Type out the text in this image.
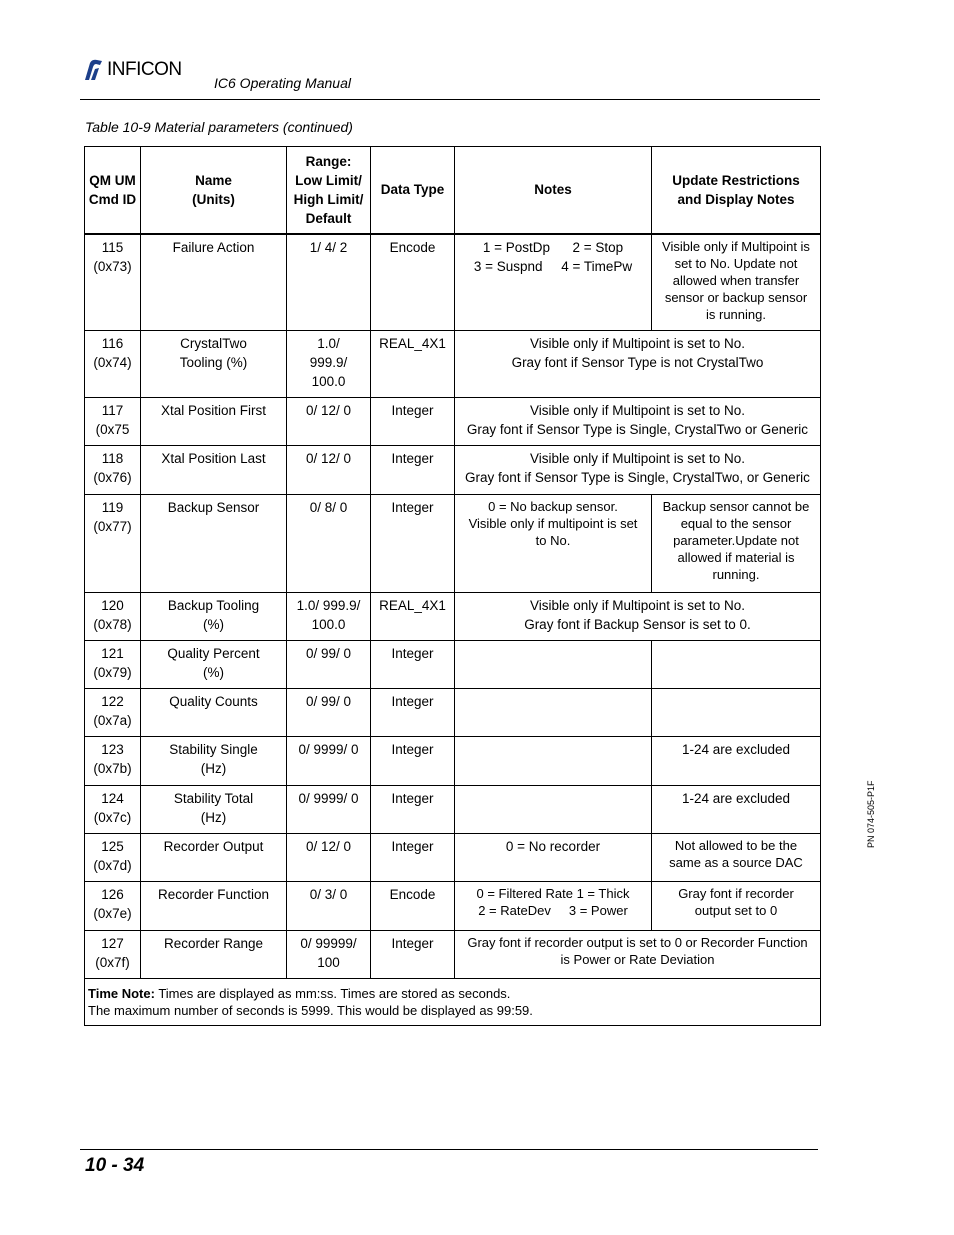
INFICON
IC6 Operating Manual
Table 10-9 Material parameters (continued)
QM UM
Cmd ID	Name
(Units)	Range:
Low Limit/
High Limit/
Default	Data Type	Notes	Update Restrictions
and Display Notes
115
(0x73)	Failure Action	1/ 4/ 2	Encode	1 = PostDp      2 = Stop
3 = Suspnd     4 = TimePw	Visible only if Multipoint is
set to No. Update not
allowed when transfer
sensor or backup sensor
is running.
116
(0x74)	CrystalTwo
Tooling (%)	1.0/
999.9/
100.0	REAL_4X1	Visible only if Multipoint is set to No.
Gray font if Sensor Type is not CrystalTwo	
117
(0x75	Xtal Position First	0/ 12/ 0	Integer	Visible only if Multipoint is set to No.
Gray font if Sensor Type is Single, CrystalTwo or Generic	
118
(0x76)	Xtal Position Last	0/ 12/ 0	Integer	Visible only if Multipoint is set to No.
Gray font if Sensor Type is Single, CrystalTwo, or Generic	
119
(0x77)	Backup Sensor	0/ 8/ 0	Integer	0 = No backup sensor.
Visible only if multipoint is set
to No.	Backup sensor cannot be
equal to the sensor
parameter.Update not
allowed if material is
running.
120
(0x78)	Backup Tooling
(%)	1.0/ 999.9/
100.0	REAL_4X1	Visible only if Multipoint is set to No.
Gray font if Backup Sensor is set to 0.	
121
(0x79)	Quality Percent
(%)	0/ 99/ 0	Integer		
122
(0x7a)	Quality Counts	0/ 99/ 0	Integer		
123
(0x7b)	Stability Single
(Hz)	0/ 9999/ 0	Integer		1-24 are excluded
124
(0x7c)	Stability Total
(Hz)	0/ 9999/ 0	Integer		1-24 are excluded
125
(0x7d)	Recorder Output	0/ 12/ 0	Integer	0 = No recorder	Not allowed to be the
same as a source DAC
126
(0x7e)	Recorder Function	0/ 3/ 0	Encode	0 = Filtered Rate 1 = Thick
2 = RateDev     3 = Power	Gray font if recorder
output set to 0
127
(0x7f)	Recorder Range	0/ 99999/
100	Integer	Gray font if recorder output is set to 0 or Recorder Function
is Power or Rate Deviation	
Time Note: Times are displayed as mm:ss. Times are stored as seconds.
The maximum number of seconds is 5999. This would be displayed as 99:59.					
PN 074-505-P1F
10 - 34
